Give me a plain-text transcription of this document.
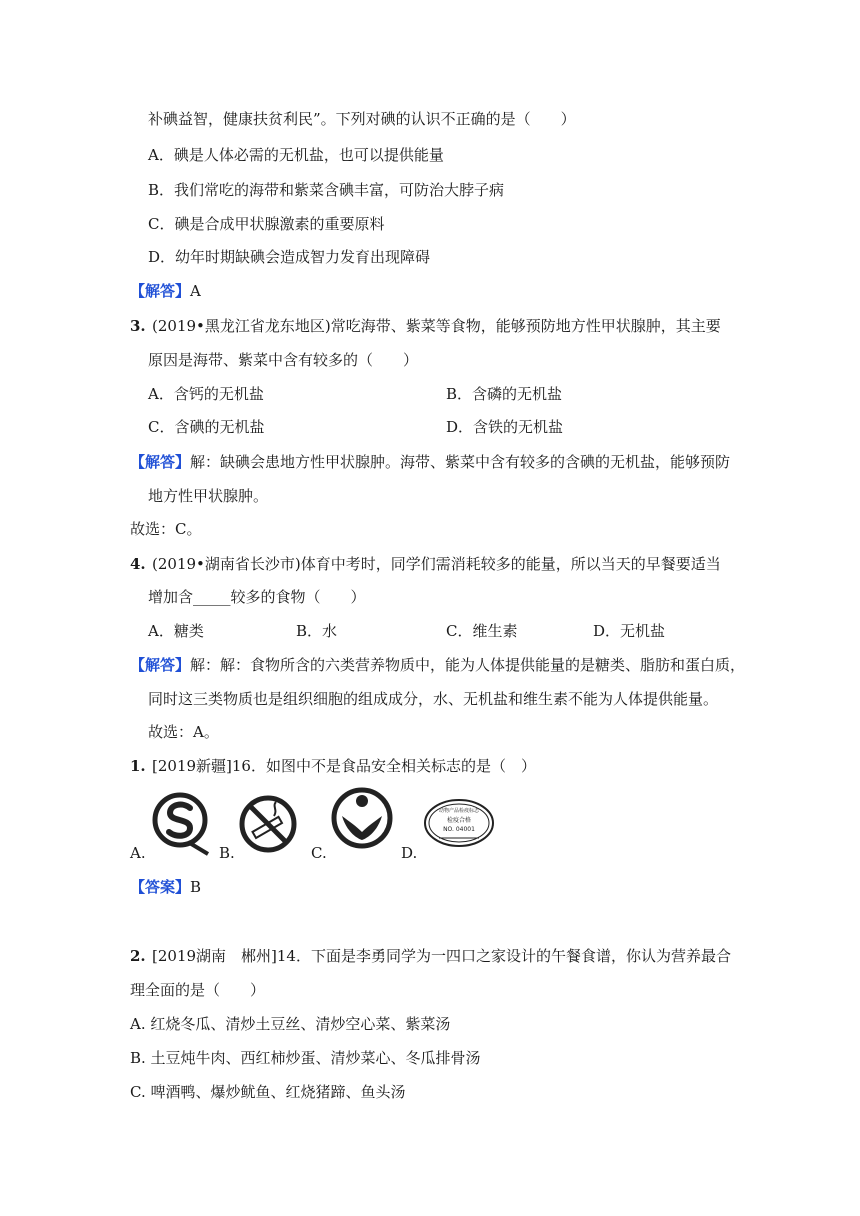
补碘益智，健康扶贫利民”。下列对碘的认识不正确的是（　　）
A．碘是人体必需的无机盐，也可以提供能量
B．我们常吃的海带和紫菜含碘丰富，可防治大脖子病
C．碘是合成甲状腺激素的重要原料
D．幼年时期缺碘会造成智力发育出现障碍
【解答】A
3. (2019•黑龙江省龙东地区)常吃海带、紫菜等食物，能够预防地方性甲状腺肿，其主要
原因是海带、紫菜中含有较多的（　　）
A．含钙的无机盐	B．含磷的无机盐
C．含碘的无机盐	D．含铁的无机盐
【解答】解：缺碘会患地方性甲状腺肿。海带、紫菜中含有较多的含碘的无机盐，能够预防
地方性甲状腺肿。
故选：C。
4. (2019•湖南省长沙市)体育中考时，同学们需消耗较多的能量，所以当天的早餐要适当
增加含_____较多的食物（　　）
A．糖类	B．水	C．维生素	D．无机盐
【解答】解：解：食物所含的六类营养物质中，能为人体提供能量的是糖类、脂肪和蛋白质，
同时这三类物质也是组织细胞的组成成分，水、无机盐和维生素不能为人体提供能量。
故选：A。
1. [2019新疆]16．如图中不是食品安全相关标志的是（　）
A.	B.	C.
动物产品检疫标志
检疫合格
NO. 04001
D.
【答案】B
2. [2019湖南　郴州]14．下面是李勇同学为一四口之家设计的午餐食谱，你认为营养最合
理全面的是（　　）
A. 红烧冬瓜、清炒土豆丝、清炒空心菜、紫菜汤
B. 土豆炖牛肉、西红柿炒蛋、清炒菜心、冬瓜排骨汤
C. 啤酒鸭、爆炒鱿鱼、红烧猪蹄、鱼头汤
